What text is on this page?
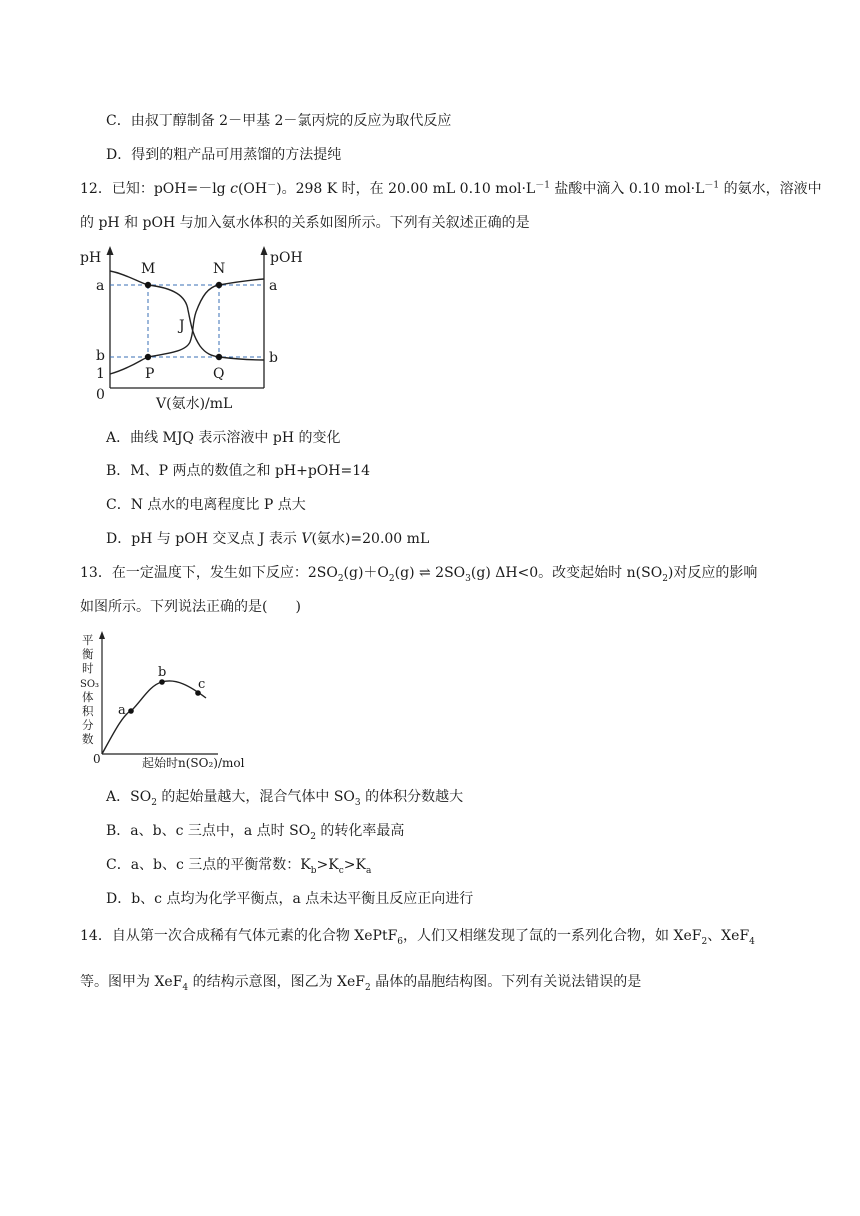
C．由叔丁醇制备 2－甲基 2－氯丙烷的反应为取代反应
D．得到的粗产品可用蒸馏的方法提纯
12．已知：pOH=－lg c(OH－)。298 K 时，在 20.00 mL 0.10 $mol\cdot L^{-1}$ 盐酸中滴入 0.10 $mol\cdot L^{-1}$ 的氨水，溶液中
的 pH 和 pOH 与加入氨水体积的关系如图所示。下列有关叙述正确的是
pH	pOH
a	a
b	b
1
0
M	N
J
P	Q
V(氨水)/mL
A．曲线 MJQ 表示溶液中 pH 的变化
B．M、P 两点的数值之和 pH+pOH=14
C．N 点水的电离程度比 P 点大
D．pH 与 pOH 交叉点 J 表示 V(氨水)=20.00 mL
13．在一定温度下，发生如下反应：$2SO_2(g)+O_2(g)$ ⇌ $2SO_3(g)$ ΔH<0。改变起始时 $n(SO_2)$对反应的影响
如图所示。下列说法正确的是(　　)
a
b
c
平
衡
时
SO₃
体
积
分
数
0	起始时n(SO₂)/mol
A．$SO_2$ 的起始量越大，混合气体中 $SO_3$ 的体积分数越大
B．a、b、c 三点中，a 点时 $SO_2$ 的转化率最高
C．a、b、c 三点的平衡常数：$K_b>K_c>K_a$
D．b、c 点均为化学平衡点，a 点未达平衡且反应正向进行
14．自从第一次合成稀有气体元素的化合物 XePtF$_6$，人们又相继发现了氙的一系列化合物，如 XeF$_2$、XeF$_4$
等。图甲为 XeF$_4$ 的结构示意图，图乙为 XeF$_2$ 晶体的晶胞结构图。下列有关说法错误的是
